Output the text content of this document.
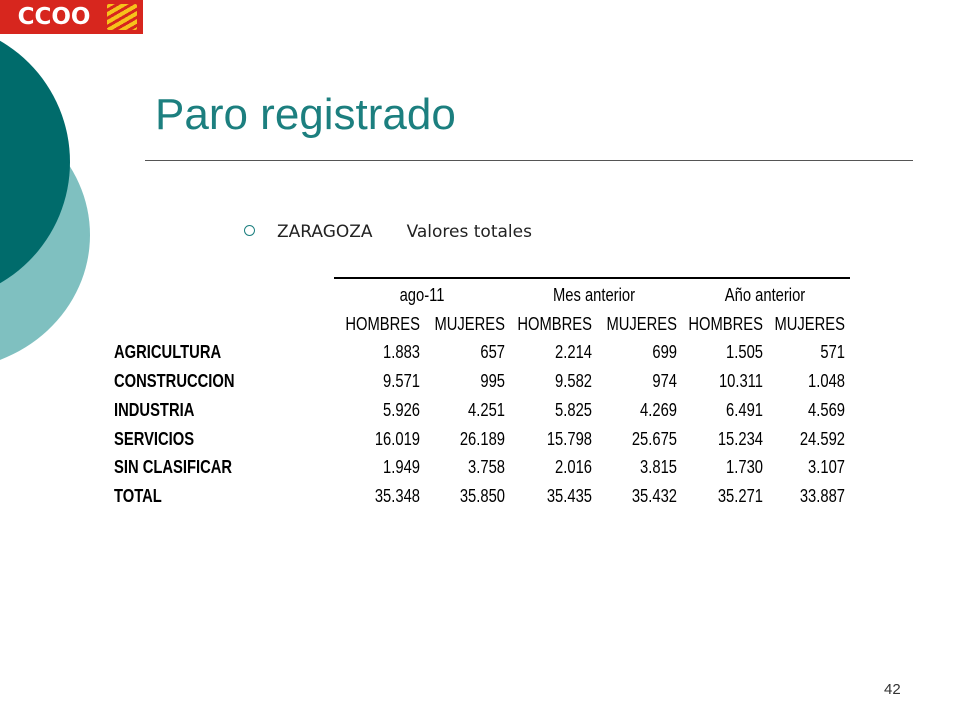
CCOO
Paro registrado
ZARAGOZA Valores totales
ago-11	Mes anterior	Año anterior
HOMBRES MUJERES HOMBRES MUJERES HOMBRES MUJERES
AGRICULTURA	1.883	657	2.214	699	1.505	571
CONSTRUCCION	9.571	995	9.582	974	10.311	1.048
INDUSTRIA	5.926	4.251	5.825	4.269	6.491	4.569
SERVICIOS	16.019	26.189	15.798	25.675	15.234	24.592
SIN CLASIFICAR	1.949	3.758	2.016	3.815	1.730	3.107
TOTAL	35.348	35.850	35.435	35.432	35.271	33.887
42
